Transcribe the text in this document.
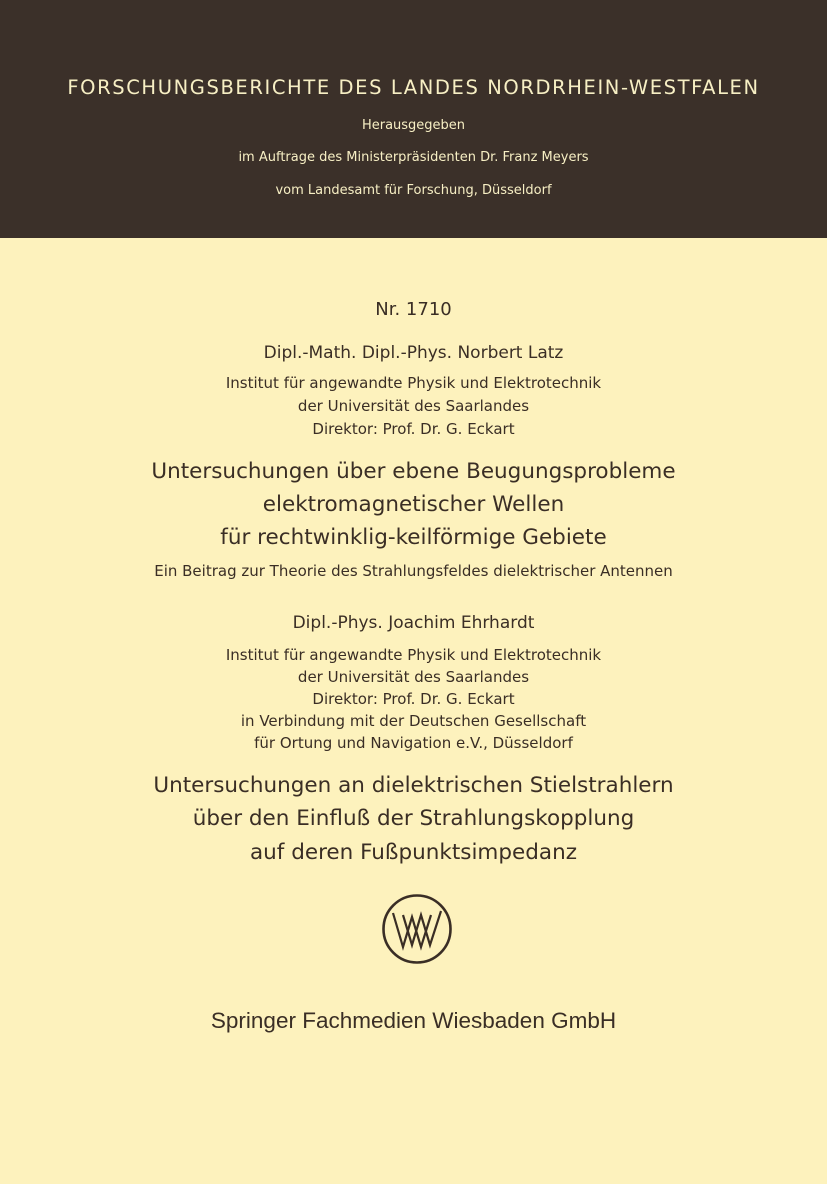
FORSCHUNGSBERICHTE DES LANDES NORDRHEIN-WESTFALEN
Herausgegeben
im Auftrage des Ministerpräsidenten Dr. Franz Meyers
vom Landesamt für Forschung, Düsseldorf
Nr. 1710
Dipl.-Math. Dipl.-Phys. Norbert Latz
Institut für angewandte Physik und Elektrotechnik
der Universität des Saarlandes
Direktor: Prof. Dr. G. Eckart
Untersuchungen über ebene Beugungsprobleme
elektromagnetischer Wellen
für rechtwinklig-keilförmige Gebiete
Ein Beitrag zur Theorie des Strahlungsfeldes dielektrischer Antennen
Dipl.-Phys. Joachim Ehrhardt
Institut für angewandte Physik und Elektrotechnik
der Universität des Saarlandes
Direktor: Prof. Dr. G. Eckart
in Verbindung mit der Deutschen Gesellschaft
für Ortung und Navigation e.V., Düsseldorf
Untersuchungen an dielektrischen Stielstrahlern
über den Einfluß der Strahlungskopplung
auf deren Fußpunktsimpedanz
Springer Fachmedien Wiesbaden GmbH
